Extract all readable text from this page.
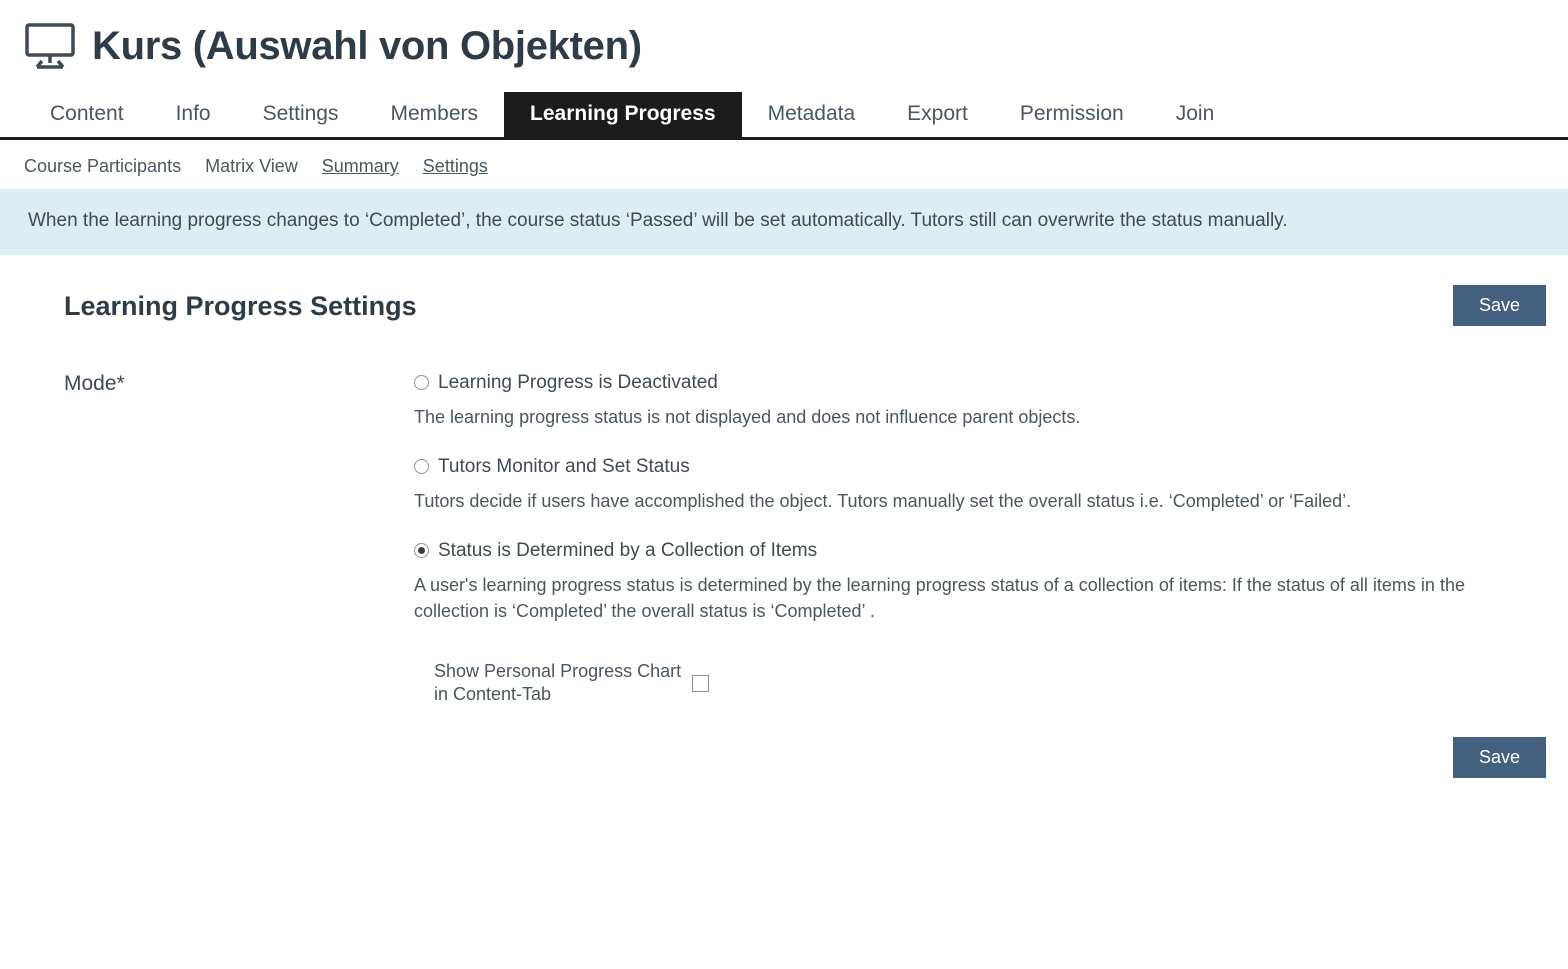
Kurs (Auswahl von Objekten)
Content	Info	Settings	Members	Learning Progress	Metadata	Export	Permission	Join
Course Participants Matrix View Summary Settings
When the learning progress changes to ‘Completed’, the course status ‘Passed’ will be set automatically. Tutors still can overwrite the status manually.
Learning Progress Settings	Save
Mode*	Learning Progress is Deactivated
The learning progress status is not displayed and does not influence parent objects.
Tutors Monitor and Set Status
Tutors decide if users have accomplished the object. Tutors manually set the overall status i.e. ‘Completed’ or ‘Failed’.
Status is Determined by a Collection of Items
A user's learning progress status is determined by the learning progress status of a collection of items: If the status of all items in the collection is ‘Completed’ the overall status is ‘Completed’ .
Show Personal Progress Chart in Content-Tab
Save
